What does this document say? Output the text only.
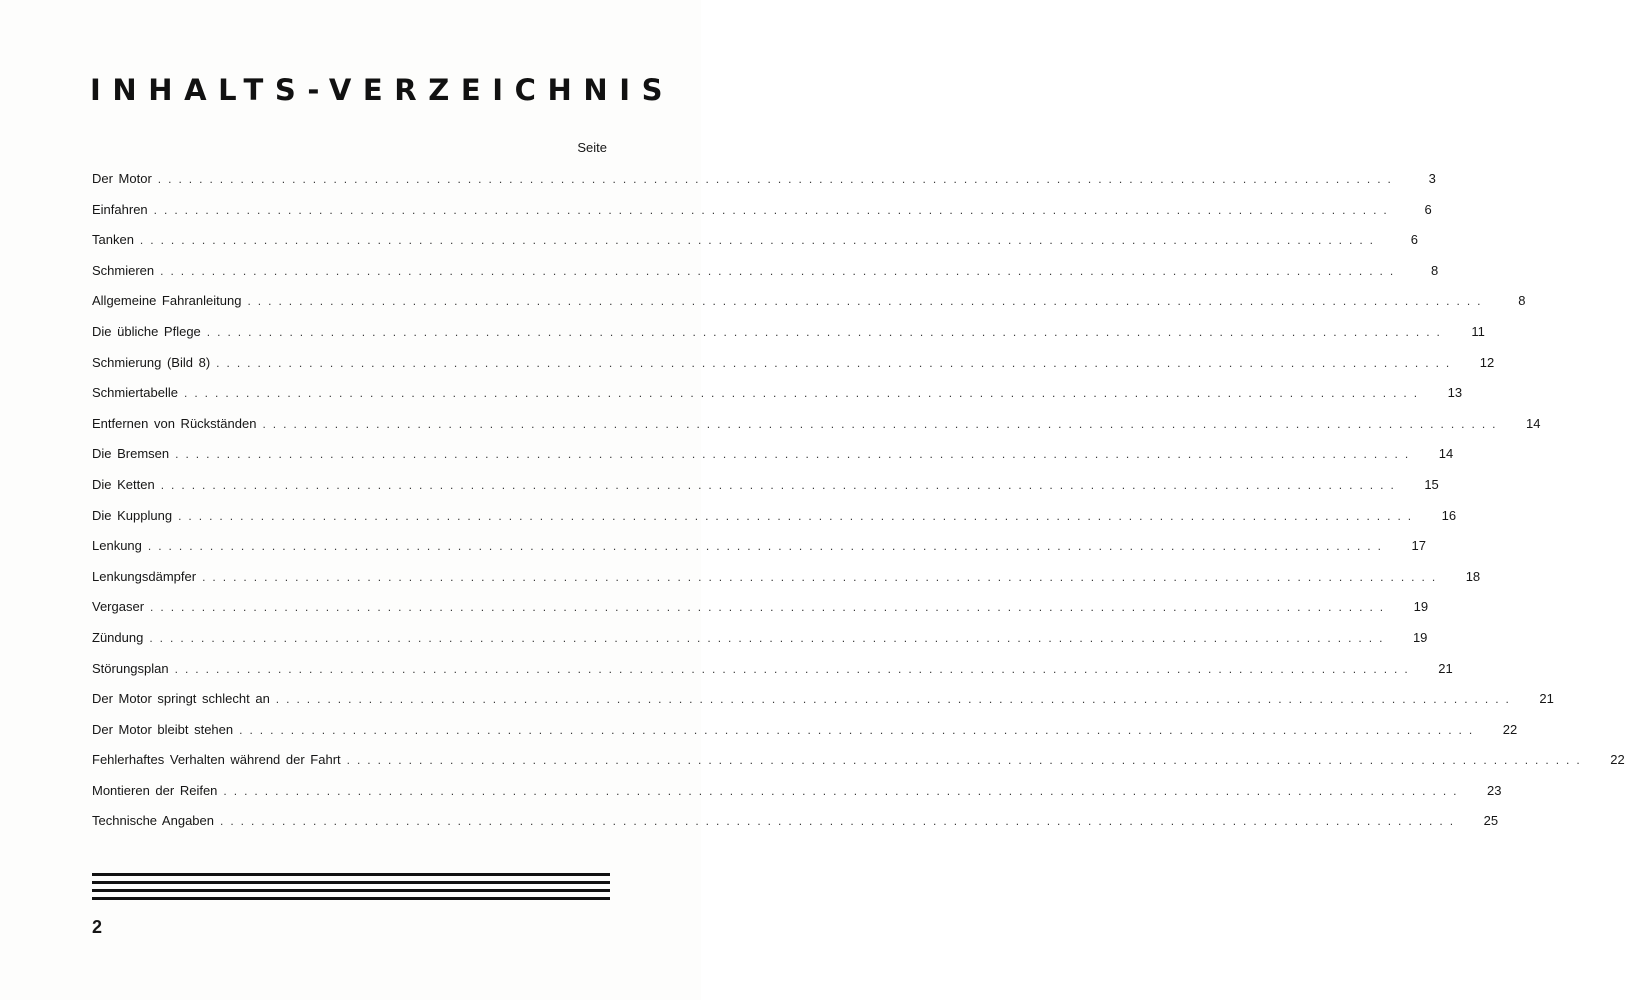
INHALTS-VERZEICHNIS
Seite
Der Motor ........................................................................................................................	3
Einfahren ........................................................................................................................	6
Tanken ........................................................................................................................	6
Schmieren ........................................................................................................................	8
Allgemeine Fahranleitung ........................................................................................................................	8
Die übliche Pflege ........................................................................................................................	11
Schmierung (Bild 8) ........................................................................................................................	12
Schmiertabelle ........................................................................................................................	13
Entfernen von Rückständen ........................................................................................................................	14
Die Bremsen ........................................................................................................................	14
Die Ketten ........................................................................................................................	15
Die Kupplung ........................................................................................................................	16
Lenkung ........................................................................................................................	17
Lenkungsdämpfer ........................................................................................................................	18
Vergaser ........................................................................................................................	19
Zündung ........................................................................................................................	19
Störungsplan ........................................................................................................................	21
Der Motor springt schlecht an ........................................................................................................................	21
Der Motor bleibt stehen ........................................................................................................................	22
Fehlerhaftes Verhalten während der Fahrt ........................................................................................................................	22
Montieren der Reifen ........................................................................................................................	23
Technische Angaben ........................................................................................................................	25
2
